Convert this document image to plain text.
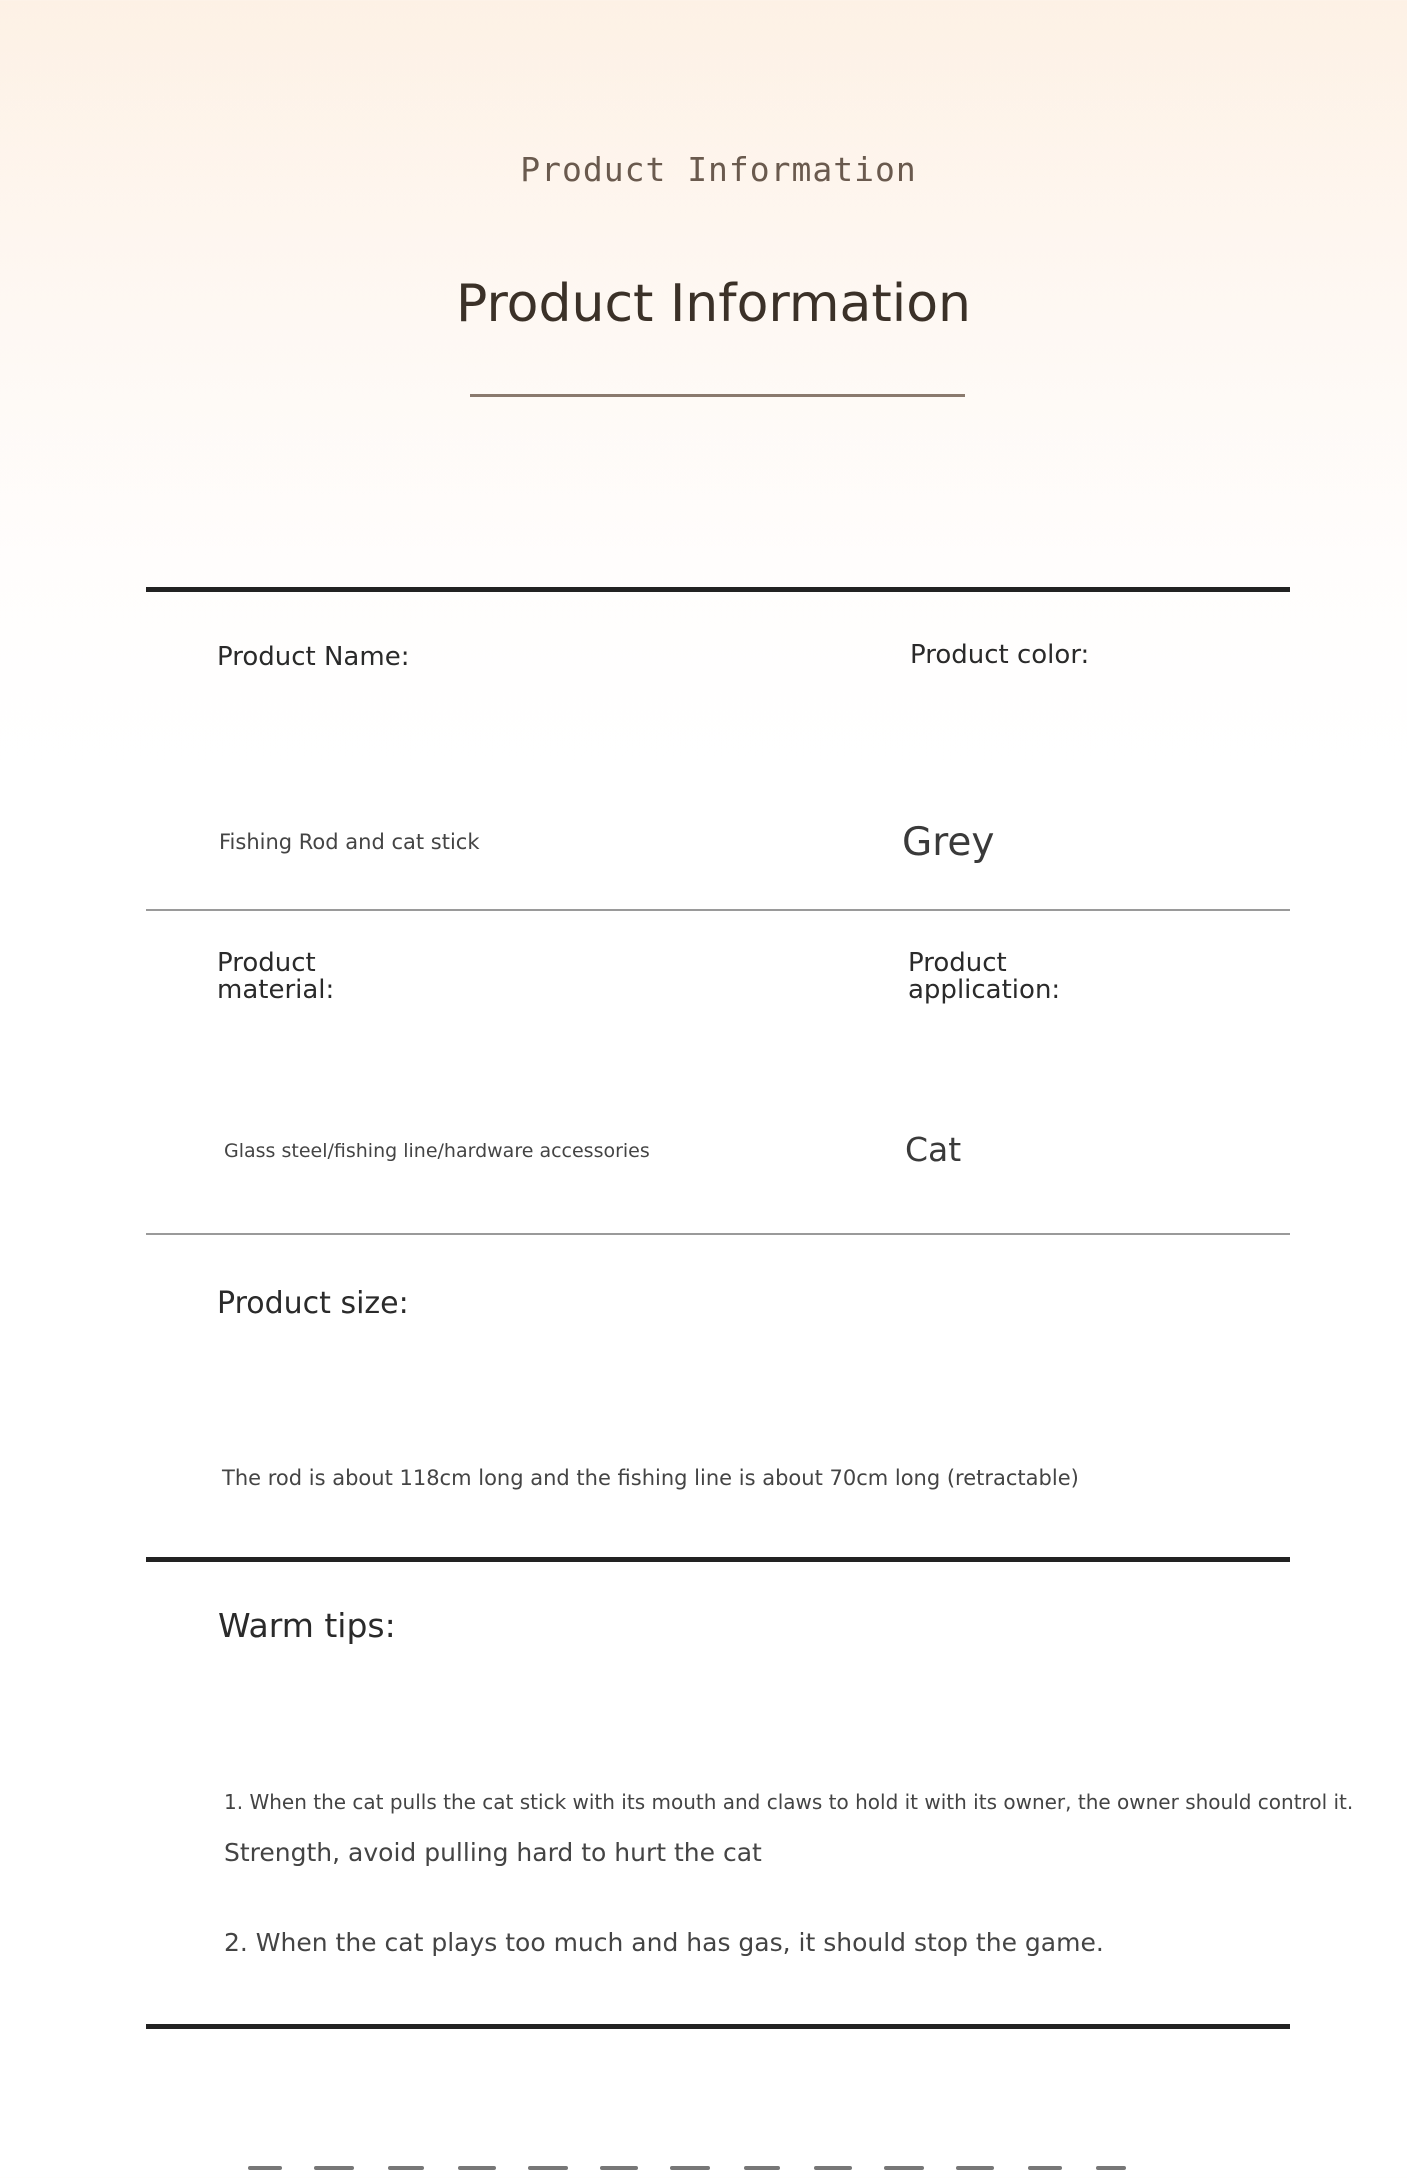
Product Information
Product Information
Product Name:	Product color:
Fishing Rod and cat stick	Grey
Product
material:
Product
application:
Glass steel/fishing line/hardware accessories	Cat
Product size:
The rod is about 118cm long and the fishing line is about 70cm long (retractable)
Warm tips:
1. When the cat pulls the cat stick with its mouth and claws to hold it with its owner, the owner should control it.
Strength, avoid pulling hard to hurt the cat
2. When the cat plays too much and has gas, it should stop the game.
